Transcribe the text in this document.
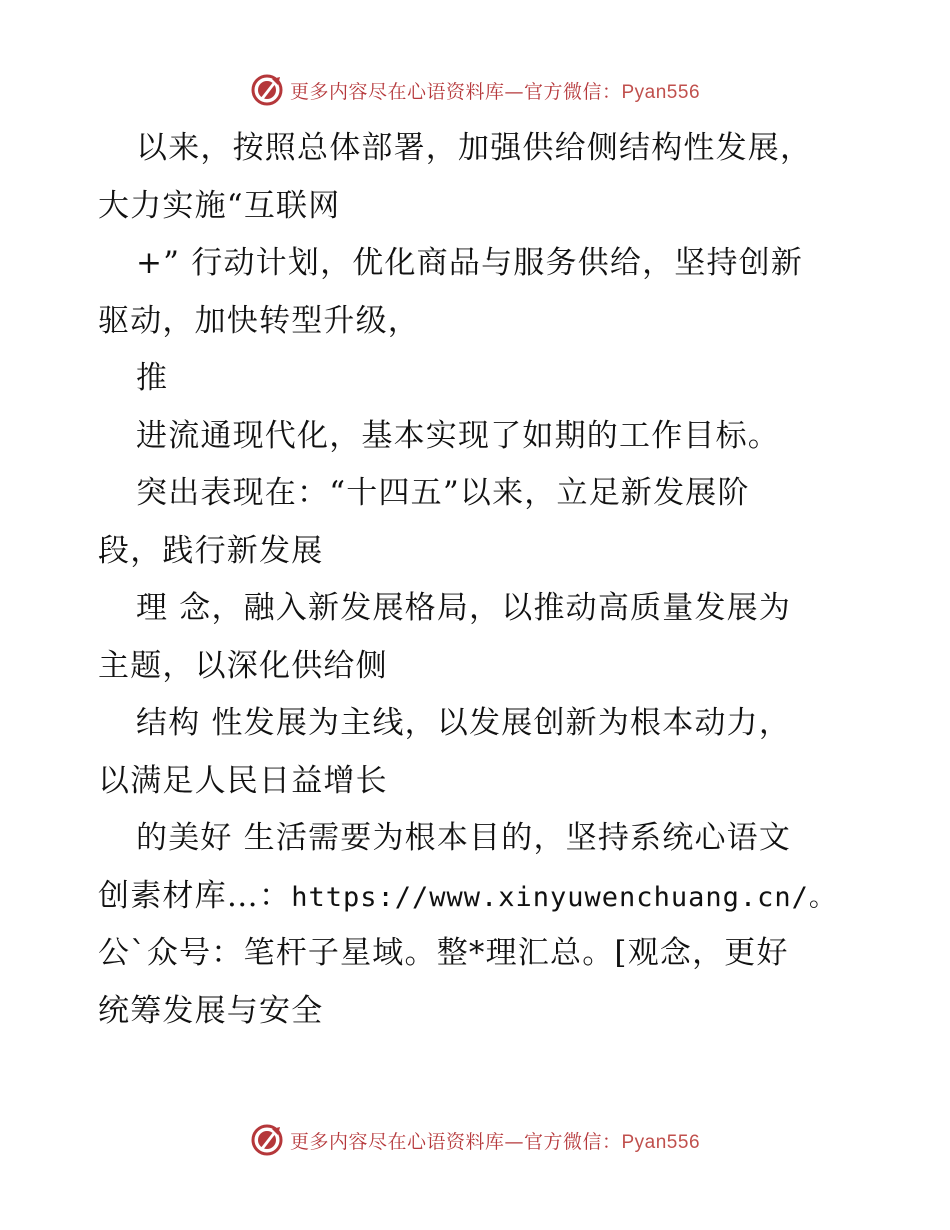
更多内容尽在心语资料库—官方微信：Pyan556
以来，按照总体部署，加强供给侧结构性发展，
大力实施“互联网
+” 行动计划，优化商品与服务供给，坚持创新
驱动，加快转型升级，
推
进流通现代化，基本实现了如期的工作目标。
突出表现在：“十四五”以来，立足新发展阶
段，践行新发展
理 念，融入新发展格局，以推动高质量发展为
主题，以深化供给侧
结构 性发展为主线，以发展创新为根本动力，
以满足人民日益增长
的美好 生活需要为根本目的，坚持系统心语文
创素材库…：https://www.xinyuwenchuang.cn/。
公`众号：笔杆子星域。整*理汇总。[观念，更好
统筹发展与安全
更多内容尽在心语资料库—官方微信：Pyan556
